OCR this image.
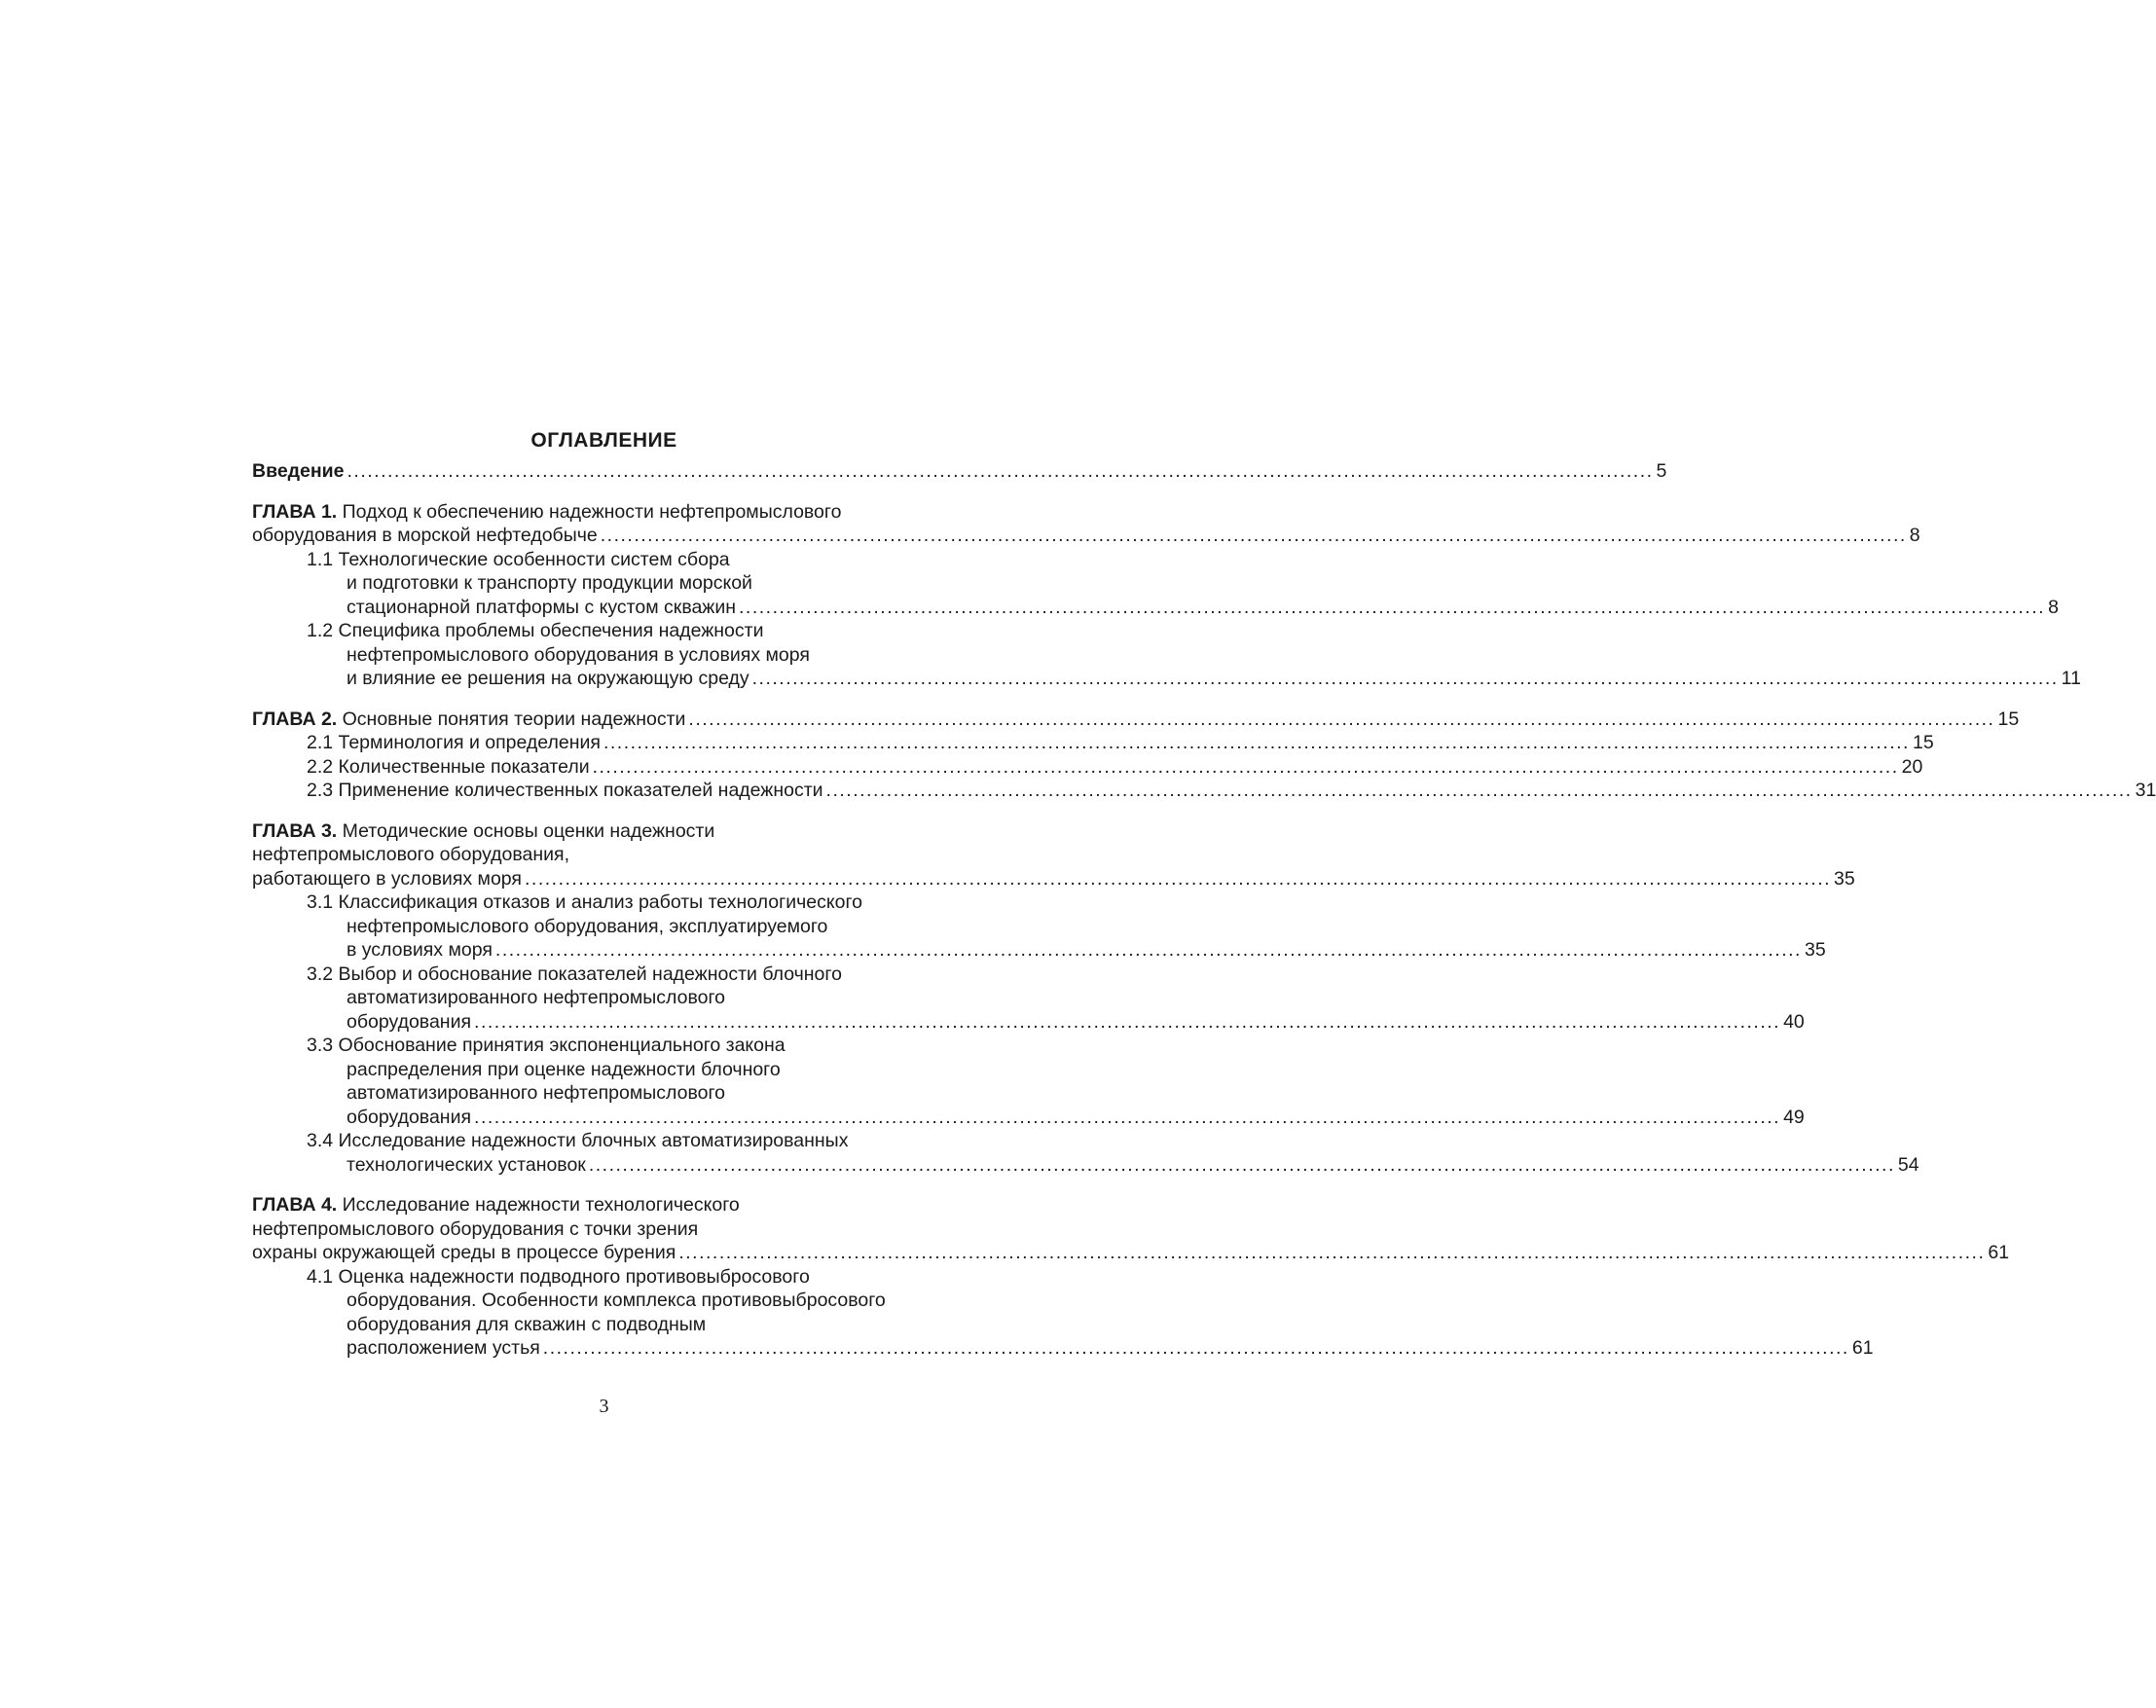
ОГЛАВЛЕНИЕ
Введение .................................................................................................................................................................................................. 5
ГЛАВА 1. Подход к обеспечению надежности нефтепромыслового
оборудования в морской нефтедобыче .................................................................................................................................................................................................. 8
1.1 Технологические особенности систем сбора
и подготовки к транспорту продукции морской
стационарной платформы с кустом скважин .................................................................................................................................................................................................. 8
1.2 Специфика проблемы обеспечения надежности
нефтепромыслового оборудования в условиях моря
и влияние ее решения на окружающую среду .................................................................................................................................................................................................. 11
ГЛАВА 2. Основные понятия теории надежности .................................................................................................................................................................................................. 15
2.1 Терминология и определения .................................................................................................................................................................................................. 15
2.2 Количественные показатели .................................................................................................................................................................................................. 20
2.3 Применение количественных показателей надежности .................................................................................................................................................................................................. 31
ГЛАВА 3. Методические основы оценки надежности
нефтепромыслового оборудования,
работающего в условиях моря .................................................................................................................................................................................................. 35
3.1 Классификация отказов и анализ работы технологического
нефтепромыслового оборудования, эксплуатируемого
в условиях моря .................................................................................................................................................................................................. 35
3.2 Выбор и обоснование показателей надежности блочного
автоматизированного нефтепромыслового
оборудования .................................................................................................................................................................................................. 40
3.3 Обоснование принятия экспоненциального закона
распределения при оценке надежности блочного
автоматизированного нефтепромыслового
оборудования .................................................................................................................................................................................................. 49
3.4 Исследование надежности блочных автоматизированных
технологических установок .................................................................................................................................................................................................. 54
ГЛАВА 4. Исследование надежности технологического
нефтепромыслового оборудования с точки зрения
охраны окружающей среды в процессе бурения .................................................................................................................................................................................................. 61
4.1 Оценка надежности подводного противовыбросового
оборудования. Особенности комплекса противовыбросового
оборудования для скважин с подводным
расположением устья .................................................................................................................................................................................................. 61
3
